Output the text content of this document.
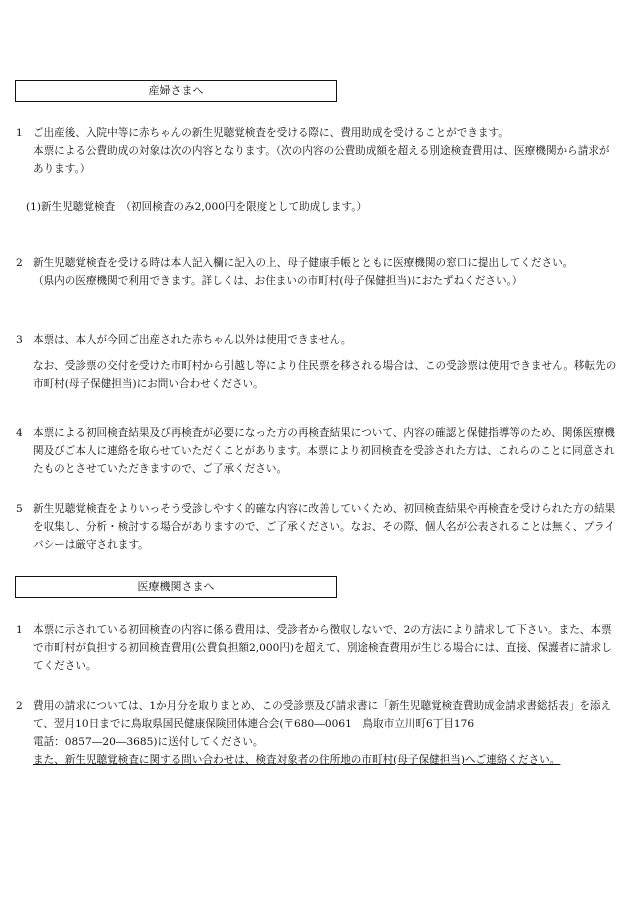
産婦さまへ
1 ご出産後、入院中等に赤ちゃんの新生児聴覚検査を受ける際に、費用助成を受けることができます。

本票による公費助成の対象は次の内容となります。（次の内容の公費助成額を超える別途検査費用は、医療機関から請求があります。）

(1)新生児聴覚検査　（初回検査のみ2,000円を限度として助成します。）
2 新生児聴覚検査を受ける時は本人記入欄に記入の上、母子健康手帳とともに医療機関の窓口に提出してください。

（県内の医療機関で利用できます。詳しくは、お住まいの市町村(母子保健担当)におたずねください。）

3 本票は、本人が今回ご出産された赤ちゃん以外は使用できません。

なお、受診票の交付を受けた市町村から引越し等により住民票を移される場合は、この受診票は使用できません。移転先の市町村(母子保健担当)にお問い合わせください。

4 本票による初回検査結果及び再検査が必要になった方の再検査結果について、内容の確認と保健指導等のため、関係医療機関及びご本人に連絡を取らせていただくことがあります。本票により初回検査を受診された方は、これらのことに同意されたものとさせていただきますので、ご了承ください。

5 新生児聴覚検査をよりいっそう受診しやすく的確な内容に改善していくため、初回検査結果や再検査を受けられた方の結果を収集し、分析・検討する場合がありますので、ご了承ください。なお、その際、個人名が公表されることは無く、プライバシーは厳守されます。

医療機関さまへ
1 本票に示されている初回検査の内容に係る費用は、受診者から徴収しないで、2の方法により請求して下さい。また、本票で市町村が負担する初回検査費用(公費負担額2,000円)を超えて、別途検査費用が生じる場合には、直接、保護者に請求してください。

2 費用の請求については、1か月分を取りまとめ、この受診票及び請求書に「新生児聴覚検査費助成金請求書総括表」を添えて、翌月10日までに鳥取県国民健康保険団体連合会(〒680―0061　鳥取市立川町6丁目176

電話：0857―20―3685)に送付してください。

また、新生児聴覚検査に関する問い合わせは、検査対象者の住所地の市町村(母子保健担当)へご連絡ください。
